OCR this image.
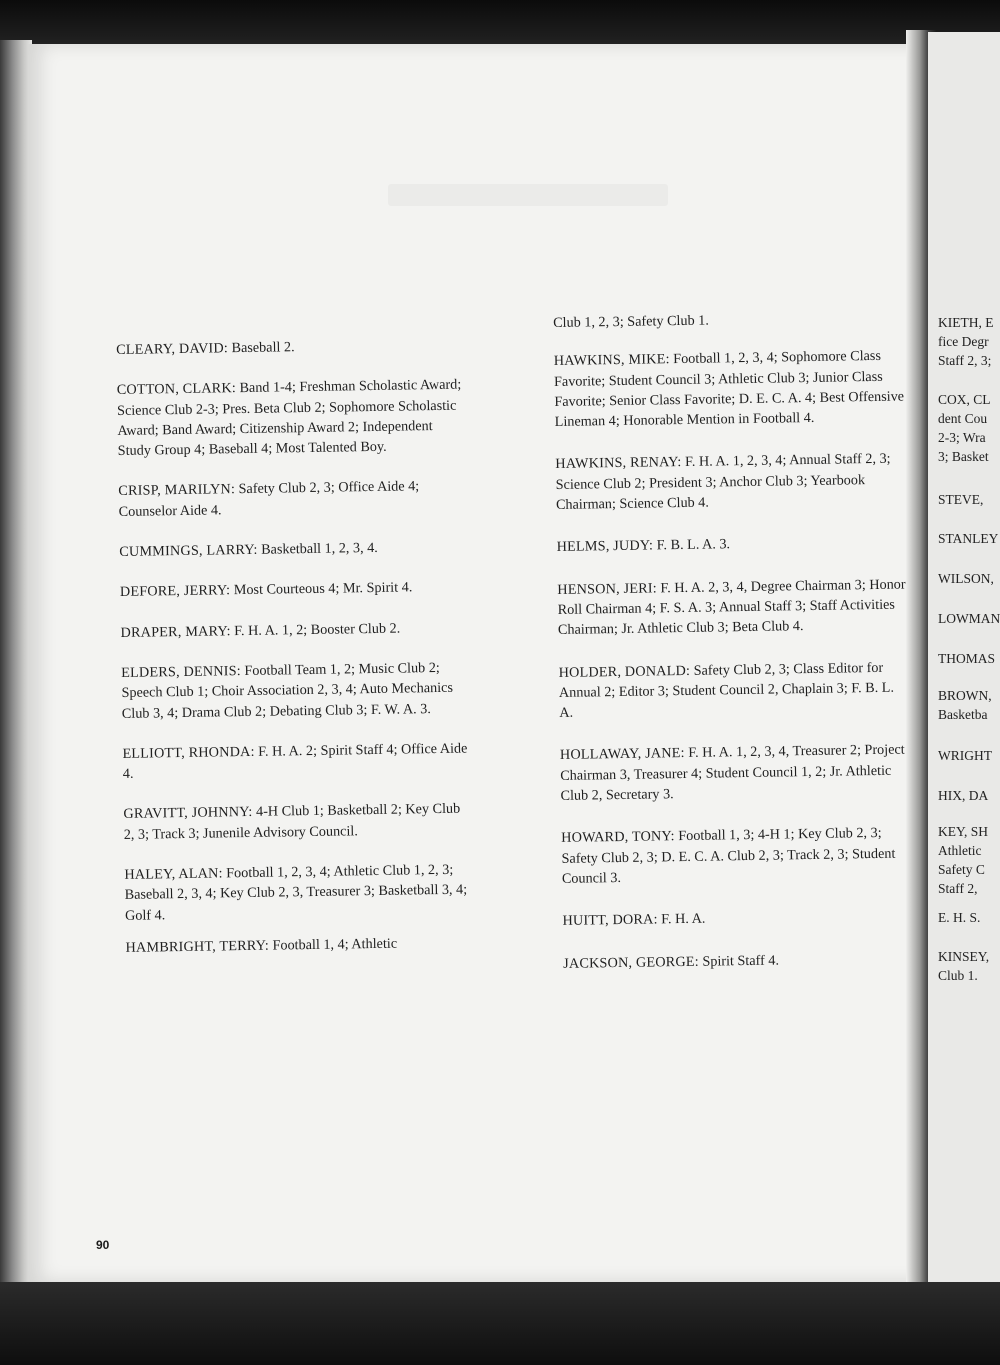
CLEARY, DAVID: Baseball 2.
COTTON, CLARK: Band 1-4; Freshman Scholastic Award; Science Club 2-3; Pres. Beta Club 2; Sophomore Scholastic Award; Band Award; Citizenship Award 2; Independent Study Group 4; Baseball 4; Most Talented Boy.
CRISP, MARILYN: Safety Club 2, 3; Office Aide 4; Counselor Aide 4.
CUMMINGS, LARRY: Basketball 1, 2, 3, 4.
DEFORE, JERRY: Most Courteous 4; Mr. Spirit 4.
DRAPER, MARY: F. H. A. 1, 2; Booster Club 2.
ELDERS, DENNIS: Football Team 1, 2; Music Club 2; Speech Club 1; Choir Association 2, 3, 4; Auto Mechanics Club 3, 4; Drama Club 2; Debating Club 3; F. W. A. 3.
ELLIOTT, RHONDA: F. H. A. 2; Spirit Staff 4; Office Aide 4.
GRAVITT, JOHNNY: 4-H Club 1; Basketball 2; Key Club 2, 3; Track 3; Junenile Advisory Council.
HALEY, ALAN: Football 1, 2, 3, 4; Athletic Club 1, 2, 3; Baseball 2, 3, 4; Key Club 2, 3, Treasurer 3; Basketball 3, 4; Golf 4.
HAMBRIGHT, TERRY: Football 1, 4; Athletic
Club 1, 2, 3; Safety Club 1.
HAWKINS, MIKE: Football 1, 2, 3, 4; Sophomore Class Favorite; Student Council 3; Athletic Club 3; Junior Class Favorite; Senior Class Favorite; D. E. C. A. 4; Best Offensive Lineman 4; Honorable Mention in Football 4.
HAWKINS, RENAY: F. H. A. 1, 2, 3, 4; Annual Staff 2, 3; Science Club 2; President 3; Anchor Club 3; Yearbook Chairman; Science Club 4.
HELMS, JUDY: F. B. L. A. 3.
HENSON, JERI: F. H. A. 2, 3, 4, Degree Chairman 3; Honor Roll Chairman 4; F. S. A. 3; Annual Staff 3; Staff Activities Chairman; Jr. Athletic Club 3; Beta Club 4.
HOLDER, DONALD: Safety Club 2, 3; Class Editor for Annual 2; Editor 3; Student Council 2, Chaplain 3; F. B. L. A.
HOLLAWAY, JANE: F. H. A. 1, 2, 3, 4, Treasurer 2; Project Chairman 3, Treasurer 4; Student Council 1, 2; Jr. Athletic Club 2, Secretary 3.
HOWARD, TONY: Football 1, 3; 4-H 1; Key Club 2, 3; Safety Club 2, 3; D. E. C. A. Club 2, 3; Track 2, 3; Student Council 3.
HUITT, DORA: F. H. A.
JACKSON, GEORGE: Spirit Staff 4.
90
KIETH, E
fice Degr
Staff 2, 3;
COX, CL
dent Cou
2-3; Wra
3; Basket
STEVE,
STANLEY
WILSON,
LOWMAN
THOMAS
BROWN,
Basketba
WRIGHT
HIX, DA
KEY, SH
Athletic
Safety C
Staff 2,
E. H. S.
KINSEY,
Club 1.
